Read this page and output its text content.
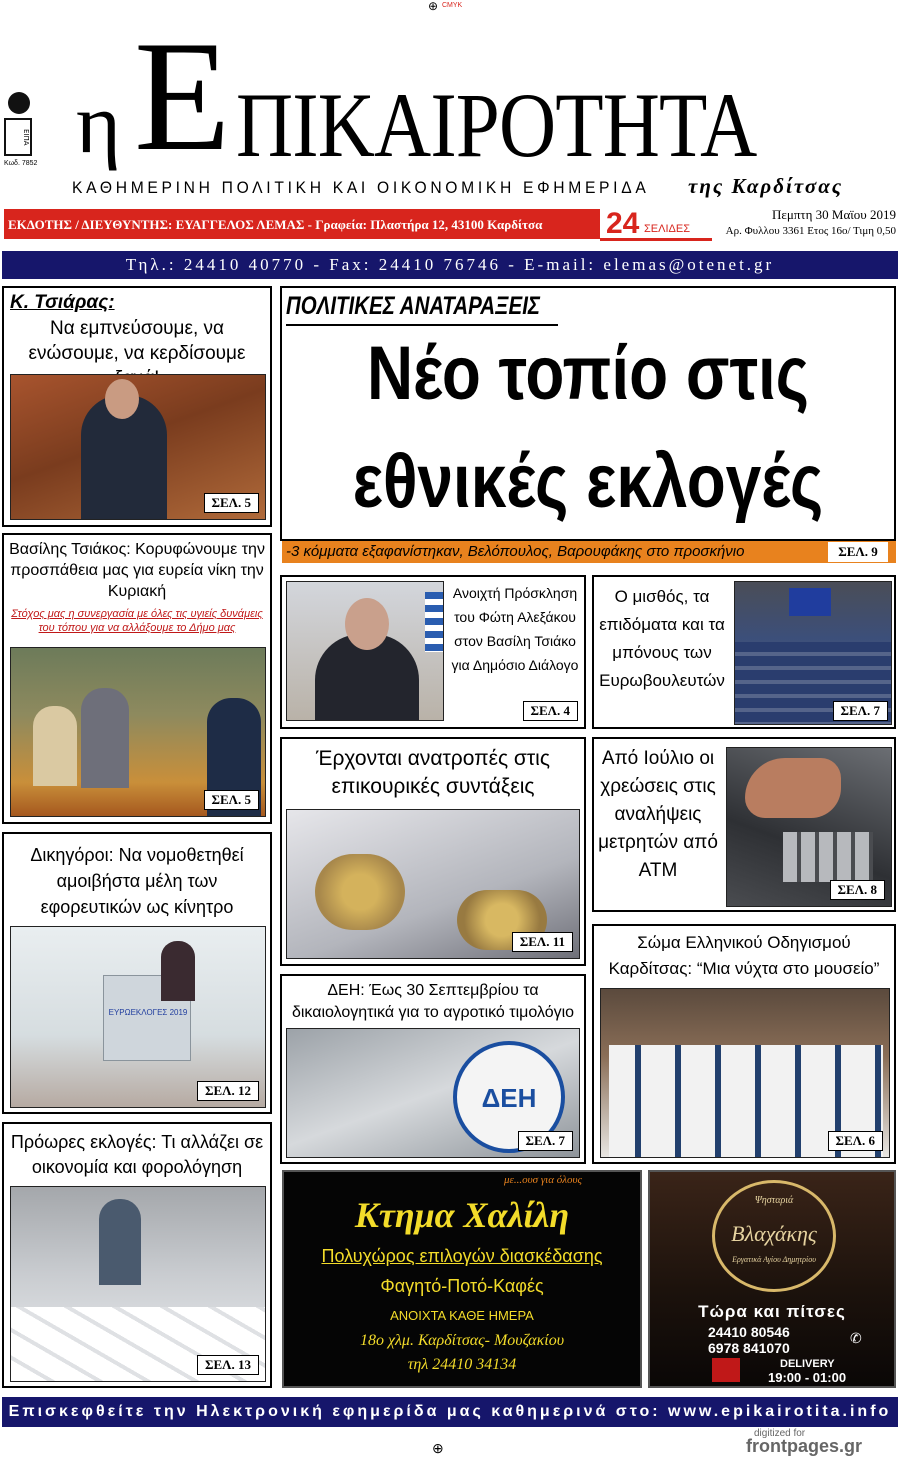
⊕ CMYK
ΕΙΠΑ
Κωδ. 7852 η Ε ΠΙΚΑΙΡΟΤΗΤΑ
ΚΑΘΗΜΕΡΙΝΗ ΠΟΛΙΤΙΚΗ ΚΑΙ ΟΙΚΟΝΟΜΙΚΗ ΕΦΗΜΕΡΙΔΑ της Καρδίτσας
ΕΚΔΟΤΗΣ / ΔΙΕΥΘΥΝΤΗΣ: ΕΥΑΓΓΕΛΟΣ ΛΕΜΑΣ - Γραφεία: Πλαστήρα 12, 43100 Καρδίτσα 24 ΣΕΛΙΔΕΣ
Πεμπτη 30 Μαϊου 2019
Αρ. Φυλλου 3361 Ετος 16ο/ Τιμη 0,50
Τηλ.: 24410 40770 - Fax: 24410 76746 - E-mail: elemas@otenet.gr
Κ. Τσιάρας:
Να εμπνεύσουμε, να ενώσουμε, να κερδίσουμε
ΣΕΛ. 5
ΠΟΛΙΤΙΚΕΣ ΑΝΑΤΑΡΑΞΕΙΣ
Νέο τοπίο στις
εθνικές εκλογές
-3 κόμματα εξαφανίστηκαν, Βελόπουλος, Βαρουφάκης στο προσκήνιο	ΣΕΛ. 9
Βασίλης Τσιάκος: Κορυφώνουμε την προσπάθεια μας για ευρεία νίκη την Κυριακή
Στόχος μας η συνεργασία με όλες τις υγιείς δυνάμεις του τόπου για να αλλάξουμε το Δήμο μας
ΣΕΛ. 5
Ανοιχτή Πρόσκληση του Φώτη Αλεξάκου στον Βασίλη Τσιάκο για Δημόσιο Διάλογο
ΣΕΛ. 4
Ο μισθός, τα επιδόματα και τα μπόνους των Ευρωβουλευτών
ΣΕΛ. 7
Έρχονται ανατροπές στις επικουρικές συντάξεις
ΣΕΛ. 11
Από Ιούλιο οι χρεώσεις στις αναλήψεις μετρητών από ΑΤΜ
ΣΕΛ. 8
Δικηγόροι: Να νομοθετηθεί αμοιβήστα μέλη των εφορευτικών ως κίνητρο
ΕΥΡΩΕΚΛΟΓΕΣ 2019
ΣΕΛ. 12
ΔΕΗ: Έως 30 Σεπτεμβρίου τα δικαιολογητικά για το αγροτικό τιμολόγιο
ΔΕΗ
ΣΕΛ. 7
Σώμα Ελληνικού Οδηγισμού Καρδίτσας: “Μια νύχτα στο μουσείο”
ΣΕΛ. 6
Πρόωρες εκλογές: Τι αλλάζει σε οικονομία και φορολόγηση
ΣΕΛ. 13
με...ουσ για όλους
Κτημα Χαλίλη
Πολυχώρος επιλογών διασκέδασης
Φαγητό-Ποτό-Καφές
ΑΝΟΙΧΤΑ ΚΑΘΕ ΗΜΕΡΑ
18ο χλμ. Καρδίτσας- Μουζακίου
τηλ 24410 34134
Ψησταριά
Βλαχάκης
Εργατικά Αγίου Δημητρίου
Τώρα και πίτσες
24410 80546
6978 841070
✆
DELIVERY
19:00 - 01:00
Επισκεφθείτε την Ηλεκτρονική εφημερίδα μας καθημερινά στο: www.epikairotita.info
⊕
digitized for
frontpages.gr
